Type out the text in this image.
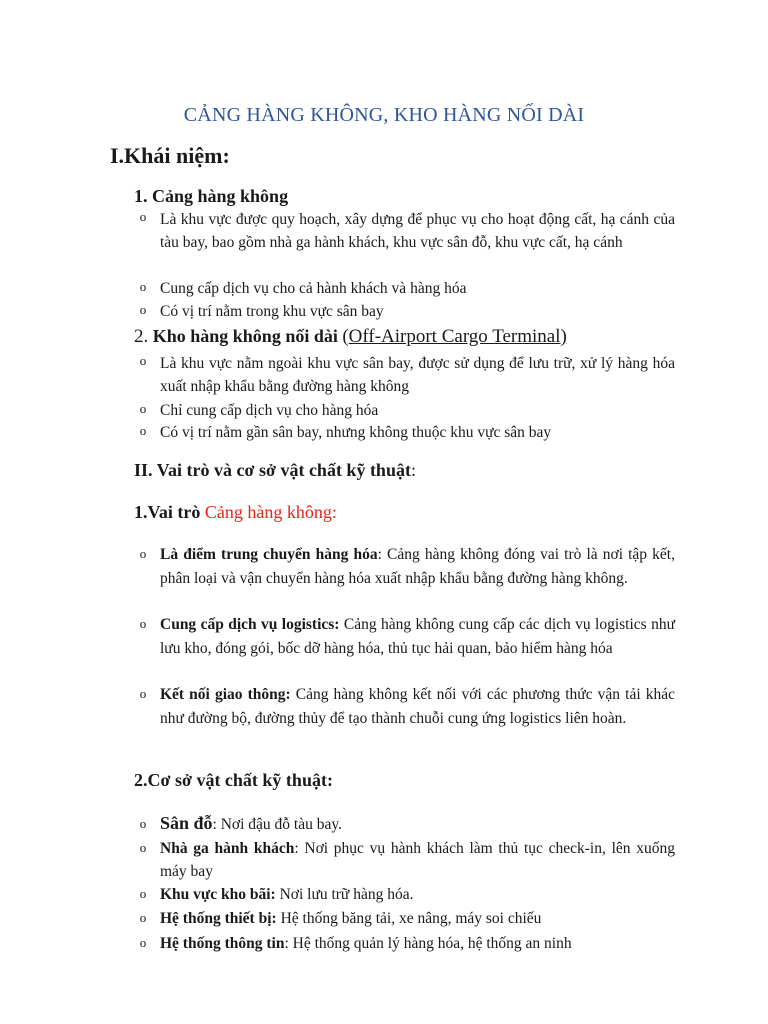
CẢNG HÀNG KHÔNG, KHO HÀNG NỐI DÀI
I.Khái niệm:
1. Cảng hàng không
o Là khu vực được quy hoạch, xây dựng để phục vụ cho hoạt động cất, hạ cánh của tàu bay, bao gồm nhà ga hành khách, khu vực sân đỗ, khu vực cất, hạ cánh
o Cung cấp dịch vụ cho cả hành khách và hàng hóa
o Có vị trí nằm trong khu vực sân bay
2. Kho hàng không nối dài (Off-Airport Cargo Terminal)
o Là khu vực nằm ngoài khu vực sân bay, được sử dụng để lưu trữ, xử lý hàng hóa xuất nhập khẩu bằng đường hàng không
o Chỉ cung cấp dịch vụ cho hàng hóa
o Có vị trí nằm gần sân bay, nhưng không thuộc khu vực sân bay
II. Vai trò và cơ sở vật chất kỹ thuật:
1.Vai trò Cảng hàng không:
o Là điểm trung chuyển hàng hóa: Cảng hàng không đóng vai trò là nơi tập kết, phân loại và vận chuyển hàng hóa xuất nhập khẩu bằng đường hàng không.
o Cung cấp dịch vụ logistics: Cảng hàng không cung cấp các dịch vụ logistics như lưu kho, đóng gói, bốc dỡ hàng hóa, thủ tục hải quan, bảo hiểm hàng hóa
o Kết nối giao thông: Cảng hàng không kết nối với các phương thức vận tải khác như đường bộ, đường thủy để tạo thành chuỗi cung ứng logistics liên hoàn.
2.Cơ sở vật chất kỹ thuật:
o Sân đỗ: Nơi đậu đỗ tàu bay.
o Nhà ga hành khách: Nơi phục vụ hành khách làm thủ tục check-in, lên xuống máy bay
o Khu vực kho bãi: Nơi lưu trữ hàng hóa.
o Hệ thống thiết bị: Hệ thống băng tải, xe nâng, máy soi chiếu
o Hệ thống thông tin: Hệ thống quản lý hàng hóa, hệ thống an ninh
